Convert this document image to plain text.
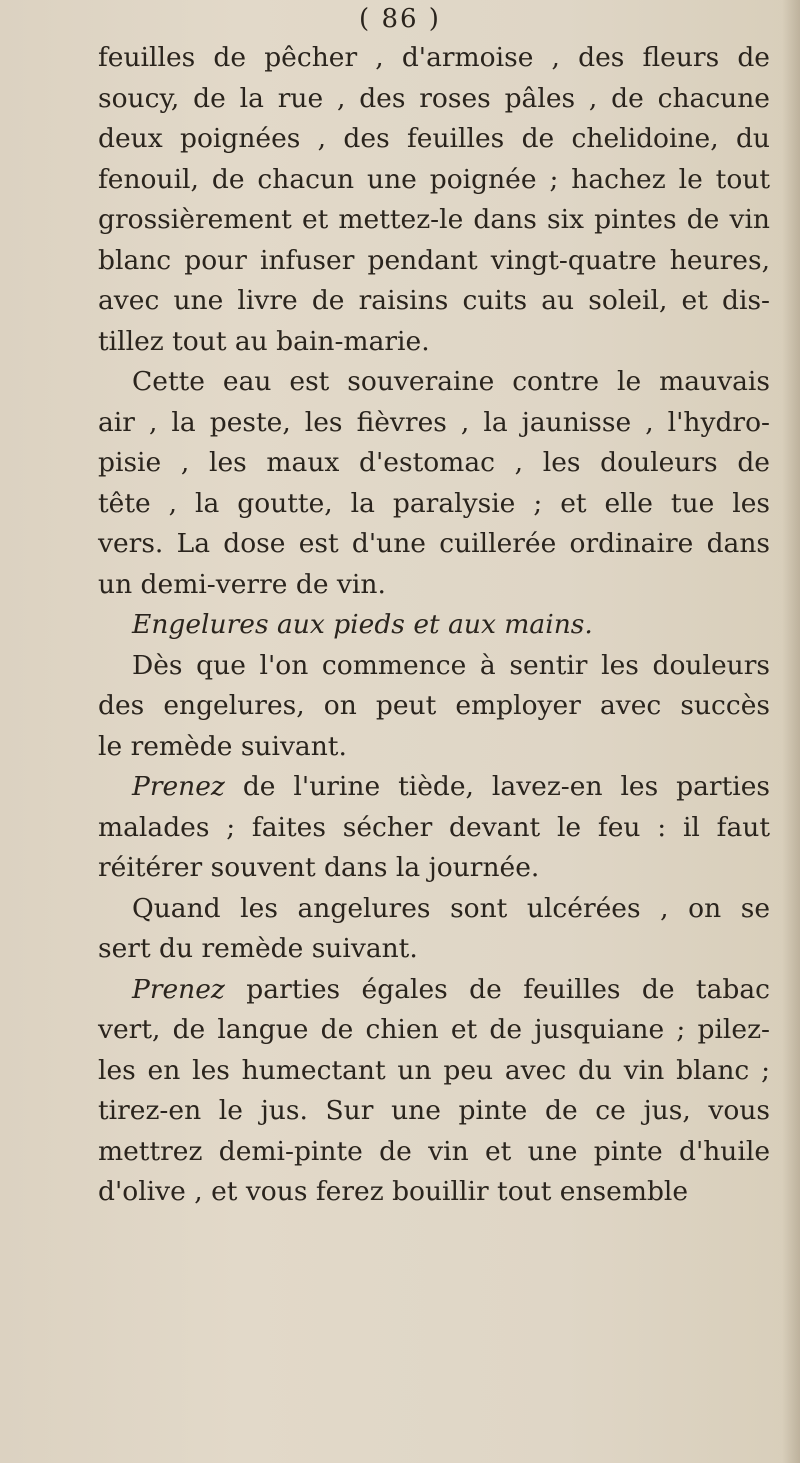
( 86 )
feuilles de pêcher , d'armoise , des fleurs de
soucy, de la rue , des roses pâles , de chacune
deux poignées , des feuilles de chelidoine, du
fenouil, de chacun une poignée ; hachez le tout
grossièrement et mettez-le dans six pintes de vin
blanc pour infuser pendant vingt-quatre heures,
avec une livre de raisins cuits au soleil, et dis-
tillez tout au bain-marie.
Cette eau est souveraine contre le mauvais
air , la peste, les fièvres , la jaunisse , l'hydro-
pisie , les maux d'estomac , les douleurs de
tête , la goutte, la paralysie ; et elle tue les
vers. La dose est d'une cuillerée ordinaire dans
un demi-verre de vin.
Engelures aux pieds et aux mains.
Dès que l'on commence à sentir les douleurs
des engelures, on peut employer avec succès
le remède suivant.
Prenez de l'urine tiède, lavez-en les parties
malades ; faites sécher devant le feu : il faut
réitérer souvent dans la journée.
Quand les angelures sont ulcérées , on se
sert du remède suivant.
Prenez parties égales de feuilles de tabac
vert, de langue de chien et de jusquiane ; pilez-
les en les humectant un peu avec du vin blanc ;
tirez-en le jus. Sur une pinte de ce jus, vous
mettrez demi-pinte de vin et une pinte d'huile
d'olive , et vous ferez bouillir tout ensemble
